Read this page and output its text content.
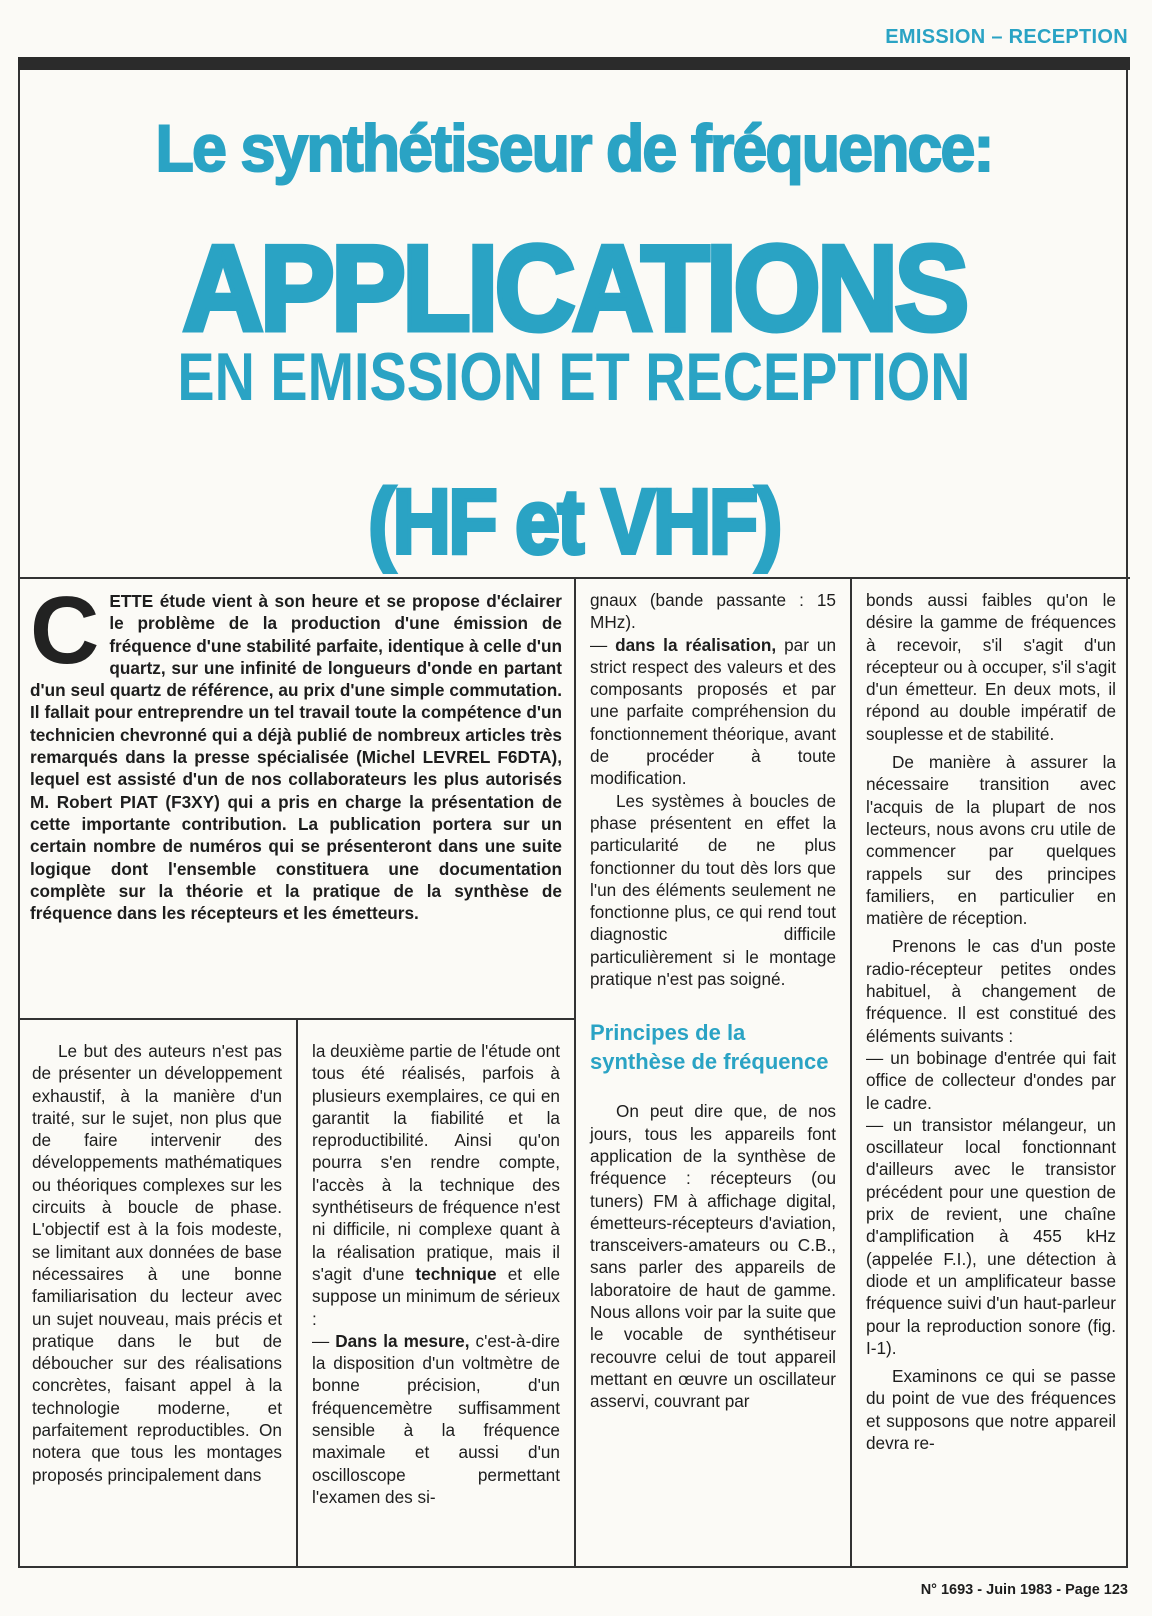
EMISSION – RECEPTION
Le synthétiseur de fréquence:
APPLICATIONS
EN EMISSION ET RECEPTION
(HF et VHF)
C ETTE étude vient à son heure et se propose d'éclairer le problème de la production d'une émission de fréquence d'une stabilité parfaite, identique à celle d'un quartz, sur une infinité de longueurs d'onde en partant d'un seul quartz de référence, au prix d'une simple commutation. Il fallait pour entreprendre un tel travail toute la compétence d'un technicien chevronné qui a déjà publié de nombreux articles très remarqués dans la presse spécialisée (Michel LEVREL F6DTA), lequel est assisté d'un de nos collaborateurs les plus autorisés M. Robert PIAT (F3XY) qui a pris en charge la présentation de cette importante contribution. La publication portera sur un certain nombre de numéros qui se présenteront dans une suite logique dont l'ensemble constituera une documentation complète sur la théorie et la pratique de la synthèse de fréquence dans les récepteurs et les émetteurs.

Le but des auteurs n'est pas de présenter un développement exhaustif, à la manière d'un traité, sur le sujet, non plus que de faire intervenir des développements mathématiques ou théoriques complexes sur les circuits à boucle de phase. L'objectif est à la fois modeste, se limitant aux données de base nécessaires à une bonne familiarisation du lecteur avec un sujet nouveau, mais précis et pratique dans le but de déboucher sur des réalisations concrètes, faisant appel à la technologie moderne, et parfaitement reproductibles. On notera que tous les montages proposés principalement dans

la deuxième partie de l'étude ont tous été réalisés, parfois à plusieurs exemplaires, ce qui en garantit la fiabilité et la reproductibilité. Ainsi qu'on pourra s'en rendre compte, l'accès à la technique des synthétiseurs de fréquence n'est ni difficile, ni complexe quant à la réalisation pratique, mais il s'agit d'une technique et elle suppose un minimum de sérieux :

— Dans la mesure, c'est-à-dire la disposition d'un voltmètre de bonne précision, d'un fréquencemètre suffisamment sensible à la fréquence maximale et aussi d'un oscilloscope permettant l'examen des si-

gnaux (bande passante : 15 MHz).

— dans la réalisation, par un strict respect des valeurs et des composants proposés et par une parfaite compréhension du fonctionnement théorique, avant de procéder à toute modification.

Les systèmes à boucles de phase présentent en effet la particularité de ne plus fonctionner du tout dès lors que l'un des éléments seulement ne fonctionne plus, ce qui rend tout diagnostic difficile particulièrement si le montage pratique n'est pas soigné.

Principes de la synthèse de fréquence

On peut dire que, de nos jours, tous les appareils font application de la synthèse de fréquence : récepteurs (ou tuners) FM à affichage digital, émetteurs-récepteurs d'aviation, transceivers-amateurs ou C.B., sans parler des appareils de laboratoire de haut de gamme. Nous allons voir par la suite que le vocable de synthétiseur recouvre celui de tout appareil mettant en œuvre un oscillateur asservi, couvrant par

bonds aussi faibles qu'on le désire la gamme de fréquences à recevoir, s'il s'agit d'un récepteur ou à occuper, s'il s'agit d'un émetteur. En deux mots, il répond au double impératif de souplesse et de stabilité.

De manière à assurer la nécessaire transition avec l'acquis de la plupart de nos lecteurs, nous avons cru utile de commencer par quelques rappels sur des principes familiers, en particulier en matière de réception.

Prenons le cas d'un poste radio-récepteur petites ondes habituel, à changement de fréquence. Il est constitué des éléments suivants :

— un bobinage d'entrée qui fait office de collecteur d'ondes par le cadre.

— un transistor mélangeur, un oscillateur local fonctionnant d'ailleurs avec le transistor précédent pour une question de prix de revient, une chaîne d'amplification à 455 kHz (appelée F.I.), une détection à diode et un amplificateur basse fréquence suivi d'un haut-parleur pour la reproduction sonore (fig. I-1).

Examinons ce qui se passe du point de vue des fréquences et supposons que notre appareil devra re-

N° 1693 - Juin 1983 - Page 123
